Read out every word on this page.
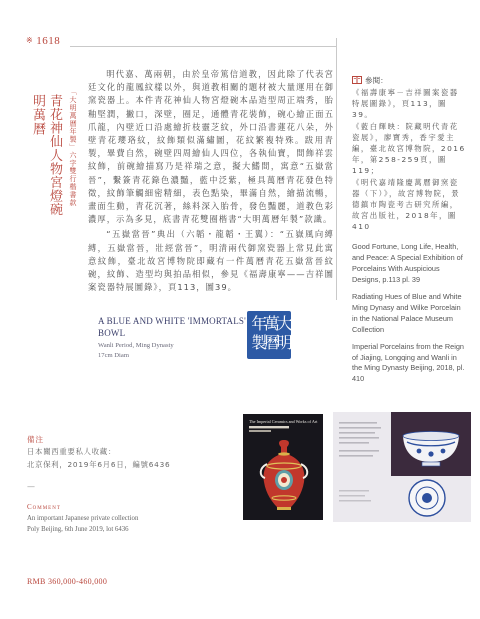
※ 1618
「大明萬曆年製」六字雙行楷書款
青花神仙人物宮燈碗
明萬曆

明代嘉、萬兩朝，由於皇帝篤信道教，因此除了代表宮廷文化的龍鳳紋樣以外，與道教相關的題材被大量運用在御窯瓷器上。本件青花神仙人物宮燈碗本品造型周正端秀，胎釉堅潤，撇口，深壁，圈足，通體青花裝飾，碗心繪正面五爪龍，內壁近口沿處繪折枝靈芝紋，外口沿書蓮花八朵，外壁青花瓔珞紋，紋飾類似滿繡圖，花紋繁複特殊。跋用青製，畢費自然，碗壁四周繪仙人四位，各執仙寶，間飾祥雲紋飾，前碗繪描寫乃是祥瑞之意，擬大鰭間，寓意“五嶽當晉”，繫簽青花錄色濃豔，藍中泛紫，極具萬曆青花發色特徵，紋飾筆觸細密精細，表色點染，畢滿自然，繪描流暢，畫面生動，青花沉著，絲料深入胎骨，發色豔麗，道教色彩濃厚，示為多見，底書青花雙圈楷書“大明萬曆年製”款識。

“五嶽當晉”典出（六韜・龍韜・王翼）：“五嶽風向縛縛，五嶽當晉，壯經當晉”，明清兩代御窯瓷器上常見此寓意紋飾，臺北故宮博物院即藏有一件萬曆青花五嶽當晉紋碗，紋飾、造型均與拍品相似，參見《福壽康寧——吉祥圖案瓷器特展圖錄》，頁113，圖39。

A BLUE AND WHITE 'IMMORTALS'
BOWL
Wanli Period, Ming Dynasty
17cm Diam
大明萬曆年製
參閱：
《福壽康寧－吉祥圖案瓷器特展圖錄》，頁113，圖39。
《藍白輝映：院藏明代青花瓷展》，廖寶秀，香宇愛主編，臺北故宮博物院，2016年，第258-259頁，圖119；
《明代嘉靖隆慶萬曆御窯瓷器（下）》，故宮博物院，景德鎮市陶瓷考古研究所編，故宮出版社，2018年，圖410
Good Fortune, Long Life, Health, and Peace: A Special Exhibition of Porcelains With Auspicious Designs, p.113 pl. 39
Radiating Hues of Blue and White Ming Dynasy and Wilke Porcelain in the National Palace Museum Collection
Imperial Porcelains from the Reign of Jiajing, Longqing and Wanli in the Ming Dynasty Beijing, 2018, pl. 410
The Imperial Ceramics and Works of Art
備注
日本關西重要私人收藏：
北京保利，2019年6月6日，編號6436
—
Comment
An important Japanese private collection
Poly Beijing, 6th June 2019, lot 6436
RMB 360,000-460,000
